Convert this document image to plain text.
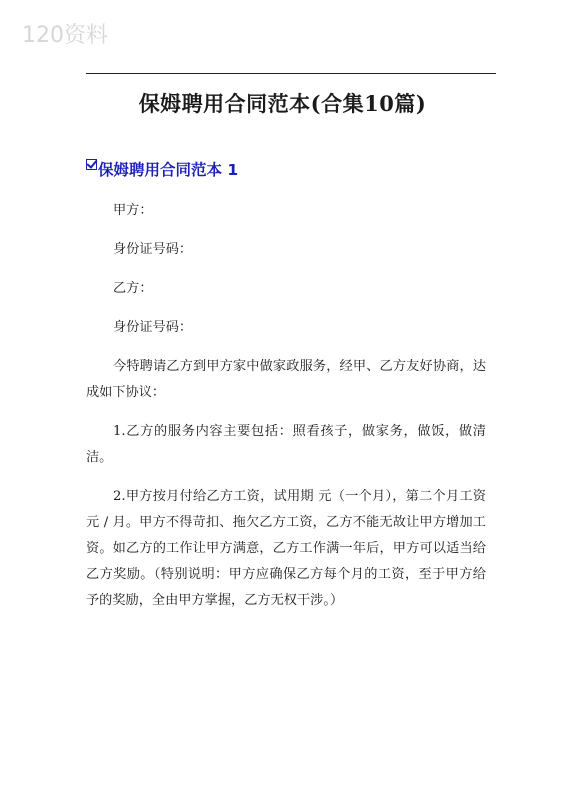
120资料
保姆聘用合同范本(合集10篇)
保姆聘用合同范本 1

甲方：

身份证号码：

乙方：

身份证号码：

今特聘请乙方到甲方家中做家政服务，经甲、乙方友好协商，达成如下协议：

1.乙方的服务内容主要包括：照看孩子，做家务，做饭，做清洁。

2.甲方按月付给乙方工资，试用期 元（一个月），第二个月工资 元 / 月。甲方不得苛扣、拖欠乙方工资，乙方不能无故让甲方增加工资。如乙方的工作让甲方满意，乙方工作满一年后，甲方可以适当给乙方奖励。（特别说明：甲方应确保乙方每个月的工资，至于甲方给予的奖励，全由甲方掌握，乙方无权干涉。）
